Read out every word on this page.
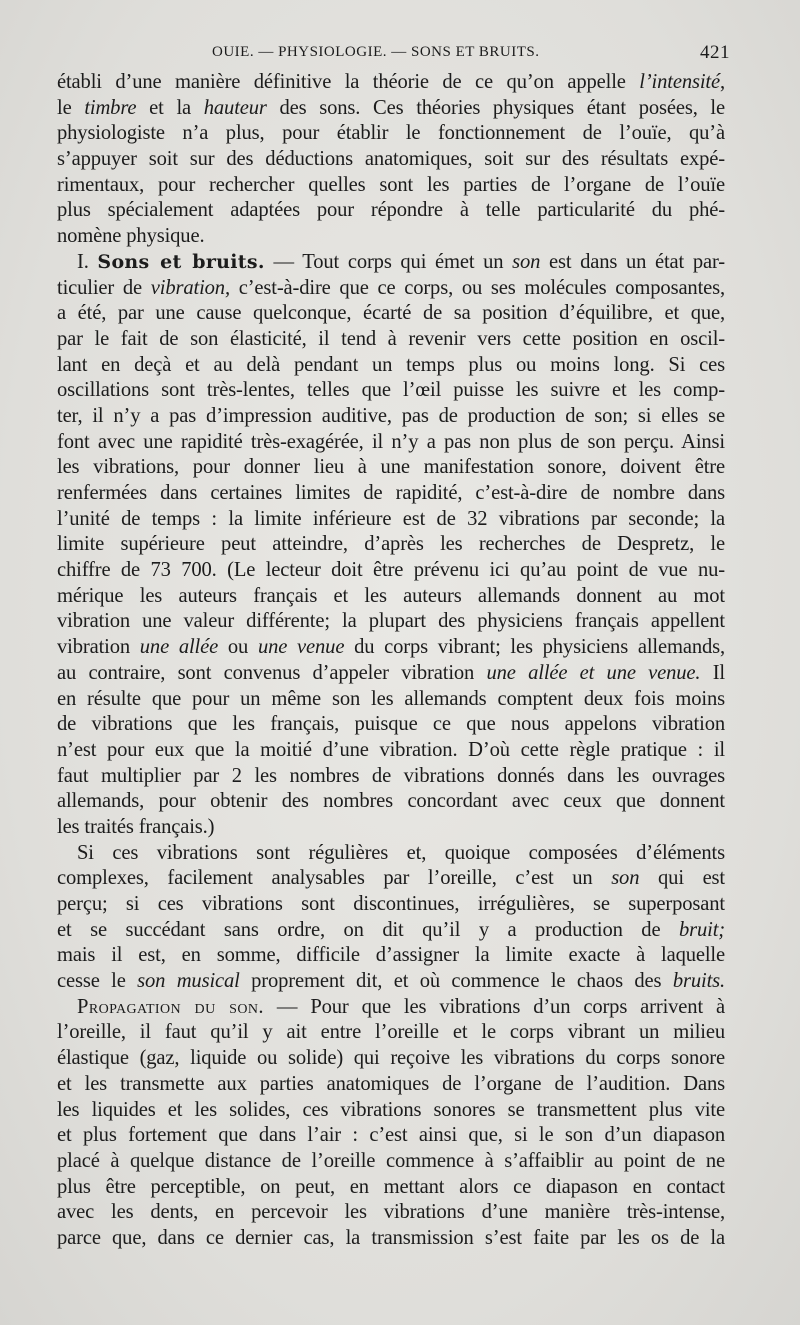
OUIE. — PHYSIOLOGIE. — SONS ET BRUITS.	421
établi d’une manière définitive la théorie de ce qu’on appelle l’intensité,
le timbre et la hauteur des sons. Ces théories physiques étant posées, le
physiologiste n’a plus, pour établir le fonctionnement de l’ouïe, qu’à
s’appuyer soit sur des déductions anatomiques, soit sur des résultats expé-
rimentaux, pour rechercher quelles sont les parties de l’organe de l’ouïe
plus spécialement adaptées pour répondre à telle particularité du phé-
nomène physique.
I. Sons et bruits. — Tout corps qui émet un son est dans un état par-
ticulier de vibration, c’est-à-dire que ce corps, ou ses molécules composantes,
a été, par une cause quelconque, écarté de sa position d’équilibre, et que,
par le fait de son élasticité, il tend à revenir vers cette position en oscil-
lant en deçà et au delà pendant un temps plus ou moins long. Si ces
oscillations sont très-lentes, telles que l’œil puisse les suivre et les comp-
ter, il n’y a pas d’impression auditive, pas de production de son; si elles se
font avec une rapidité très-exagérée, il n’y a pas non plus de son perçu. Ainsi
les vibrations, pour donner lieu à une manifestation sonore, doivent être
renfermées dans certaines limites de rapidité, c’est-à-dire de nombre dans
l’unité de temps : la limite inférieure est de 32 vibrations par seconde; la
limite supérieure peut atteindre, d’après les recherches de Despretz, le
chiffre de 73 700. (Le lecteur doit être prévenu ici qu’au point de vue nu-
mérique les auteurs français et les auteurs allemands donnent au mot
vibration une valeur différente; la plupart des physiciens français appellent
vibration une allée ou une venue du corps vibrant; les physiciens allemands,
au contraire, sont convenus d’appeler vibration une allée et une venue. Il
en résulte que pour un même son les allemands comptent deux fois moins
de vibrations que les français, puisque ce que nous appelons vibration
n’est pour eux que la moitié d’une vibration. D’où cette règle pratique : il
faut multiplier par 2 les nombres de vibrations donnés dans les ouvrages
allemands, pour obtenir des nombres concordant avec ceux que donnent
les traités français.)
Si ces vibrations sont régulières et, quoique composées d’éléments
complexes, facilement analysables par l’oreille, c’est un son qui est
perçu; si ces vibrations sont discontinues, irrégulières, se superposant
et se succédant sans ordre, on dit qu’il y a production de bruit;
mais il est, en somme, difficile d’assigner la limite exacte à laquelle
cesse le son musical proprement dit, et où commence le chaos des bruits.
Propagation du son. — Pour que les vibrations d’un corps arrivent à
l’oreille, il faut qu’il y ait entre l’oreille et le corps vibrant un milieu
élastique (gaz, liquide ou solide) qui reçoive les vibrations du corps sonore
et les transmette aux parties anatomiques de l’organe de l’audition. Dans
les liquides et les solides, ces vibrations sonores se transmettent plus vite
et plus fortement que dans l’air : c’est ainsi que, si le son d’un diapason
placé à quelque distance de l’oreille commence à s’affaiblir au point de ne
plus être perceptible, on peut, en mettant alors ce diapason en contact
avec les dents, en percevoir les vibrations d’une manière très-intense,
parce que, dans ce dernier cas, la transmission s’est faite par les os de la
